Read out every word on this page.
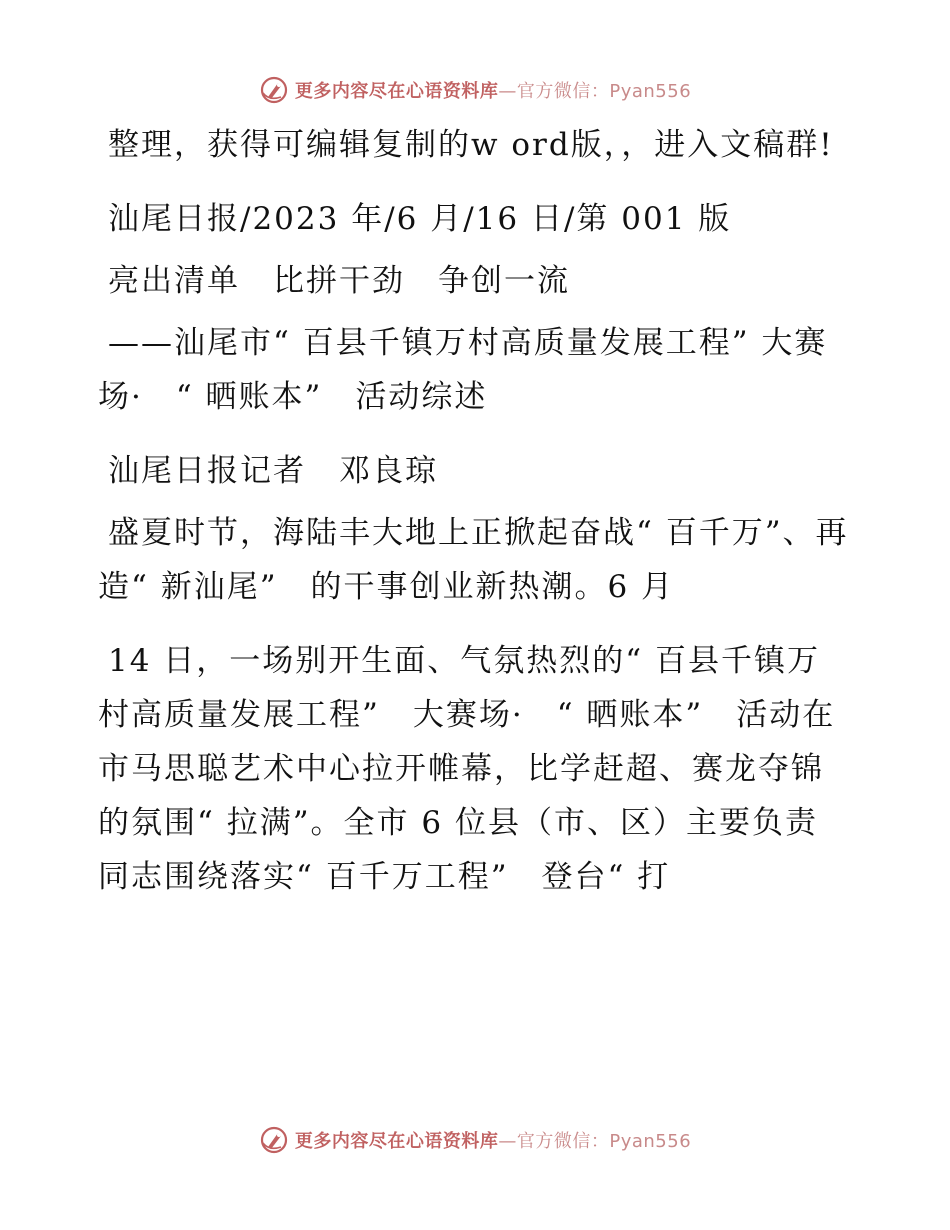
更多内容尽在心语资料库—官方微信：Pyan556

整理，获得可编辑复制的w ord版，，进入文稿群!

汕尾日报/2023 年/6 月/16 日/第 001 版

亮出清单　比拼干劲　争创一流

——汕尾市“ 百县千镇万村高质量发展工程” 大赛场·　“ 晒账本”　活动综述

汕尾日报记者　邓良琼

盛夏时节，海陆丰大地上正掀起奋战“ 百千万”、再造“ 新汕尾”　的干事创业新热潮。6 月

14 日，一场别开生面、气氛热烈的“ 百县千镇万村高质量发展工程”　大赛场·　“ 晒账本”　活动在市马思聪艺术中心拉开帷幕，比学赶超、赛龙夺锦的氛围“ 拉满”。全市 6 位县（市、区）主要负责同志围绕落实“ 百千万工程”　登台“ 打

更多内容尽在心语资料库—官方微信：Pyan556
